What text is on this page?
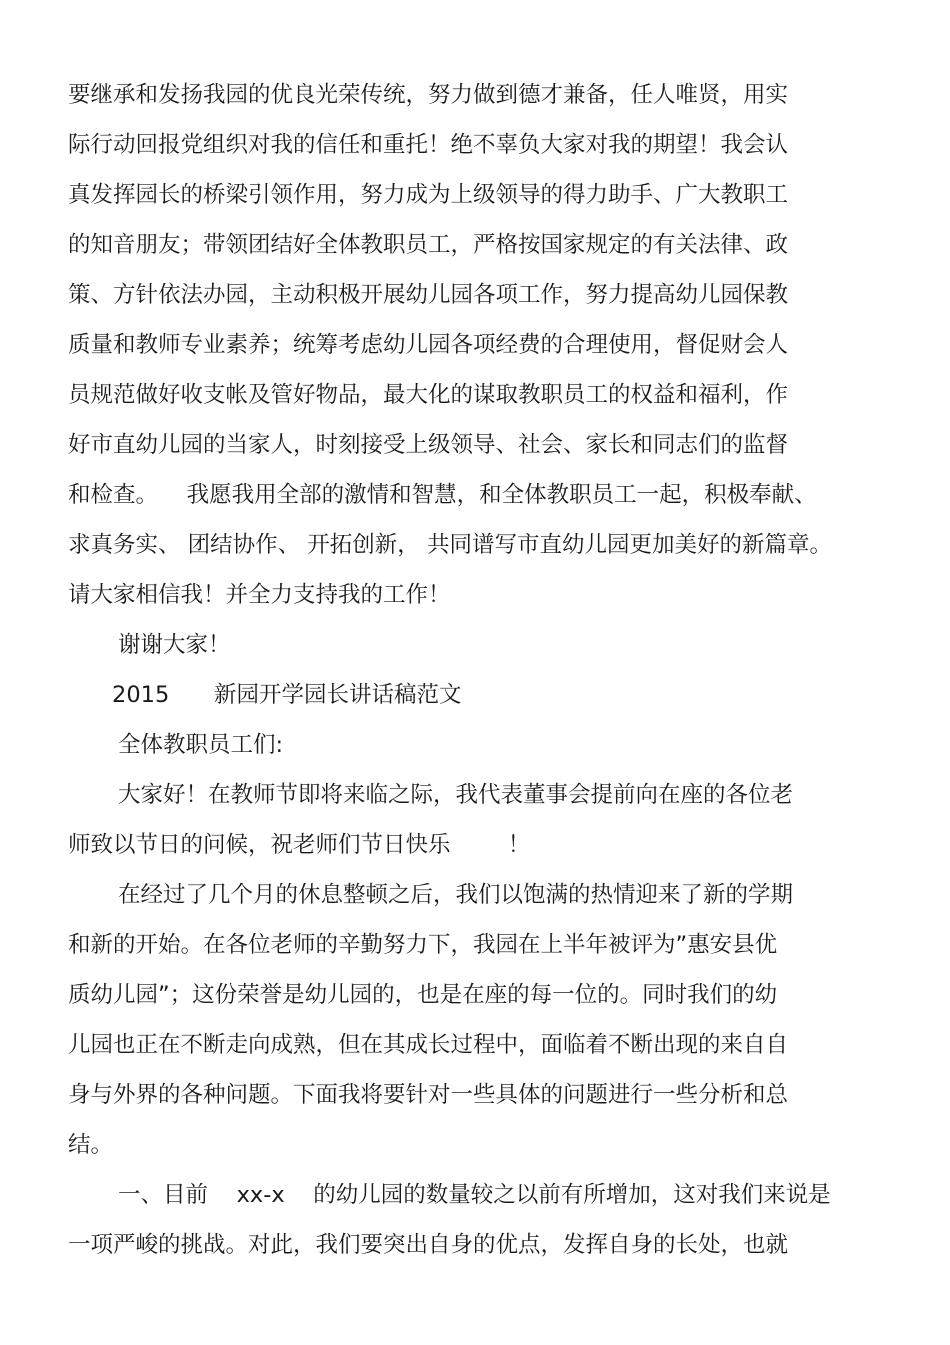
要继承和发扬我园的优良光荣传统，努力做到德才兼备，任人唯贤，用实
际行动回报党组织对我的信任和重托！绝不辜负大家对我的期望！我会认
真发挥园长的桥梁引领作用，努力成为上级领导的得力助手、广大教职工
的知音朋友；带领团结好全体教职员工，严格按国家规定的有关法律、政
策、方针依法办园，主动积极开展幼儿园各项工作，努力提高幼儿园保教
质量和教师专业素养；统筹考虑幼儿园各项经费的合理使用，督促财会人
员规范做好收支帐及管好物品，最大化的谋取教职员工的权益和福利，作
好市直幼儿园的当家人，时刻接受上级领导、社会、家长和同志们的监督
和检查。    我愿我用全部的激情和智慧，和全体教职员工一起，积极奉献、
求真务实、 团结协作、 开拓创新， 共同谱写市直幼儿园更加美好的新篇章。
请大家相信我！并全力支持我的工作！
谢谢大家！
2015 新园开学园长讲话稿范文
全体教职员工们:
大家好！在教师节即将来临之际，我代表董事会提前向在座的各位老
师致以节日的问候，祝老师们节日快乐        ！
在经过了几个月的休息整顿之后，我们以饱满的热情迎来了新的学期
和新的开始。在各位老师的辛勤努力下，我园在上半年被评为”惠安县优
质幼儿园”；这份荣誉是幼儿园的，也是在座的每一位的。同时我们的幼
儿园也正在不断走向成熟，但在其成长过程中，面临着不断出现的来自自
身与外界的各种问题。下面我将要针对一些具体的问题进行一些分析和总
结。
一、目前    xx-x    的幼儿园的数量较之以前有所增加，这对我们来说是
一项严峻的挑战。对此，我们要突出自身的优点，发挥自身的长处，也就
